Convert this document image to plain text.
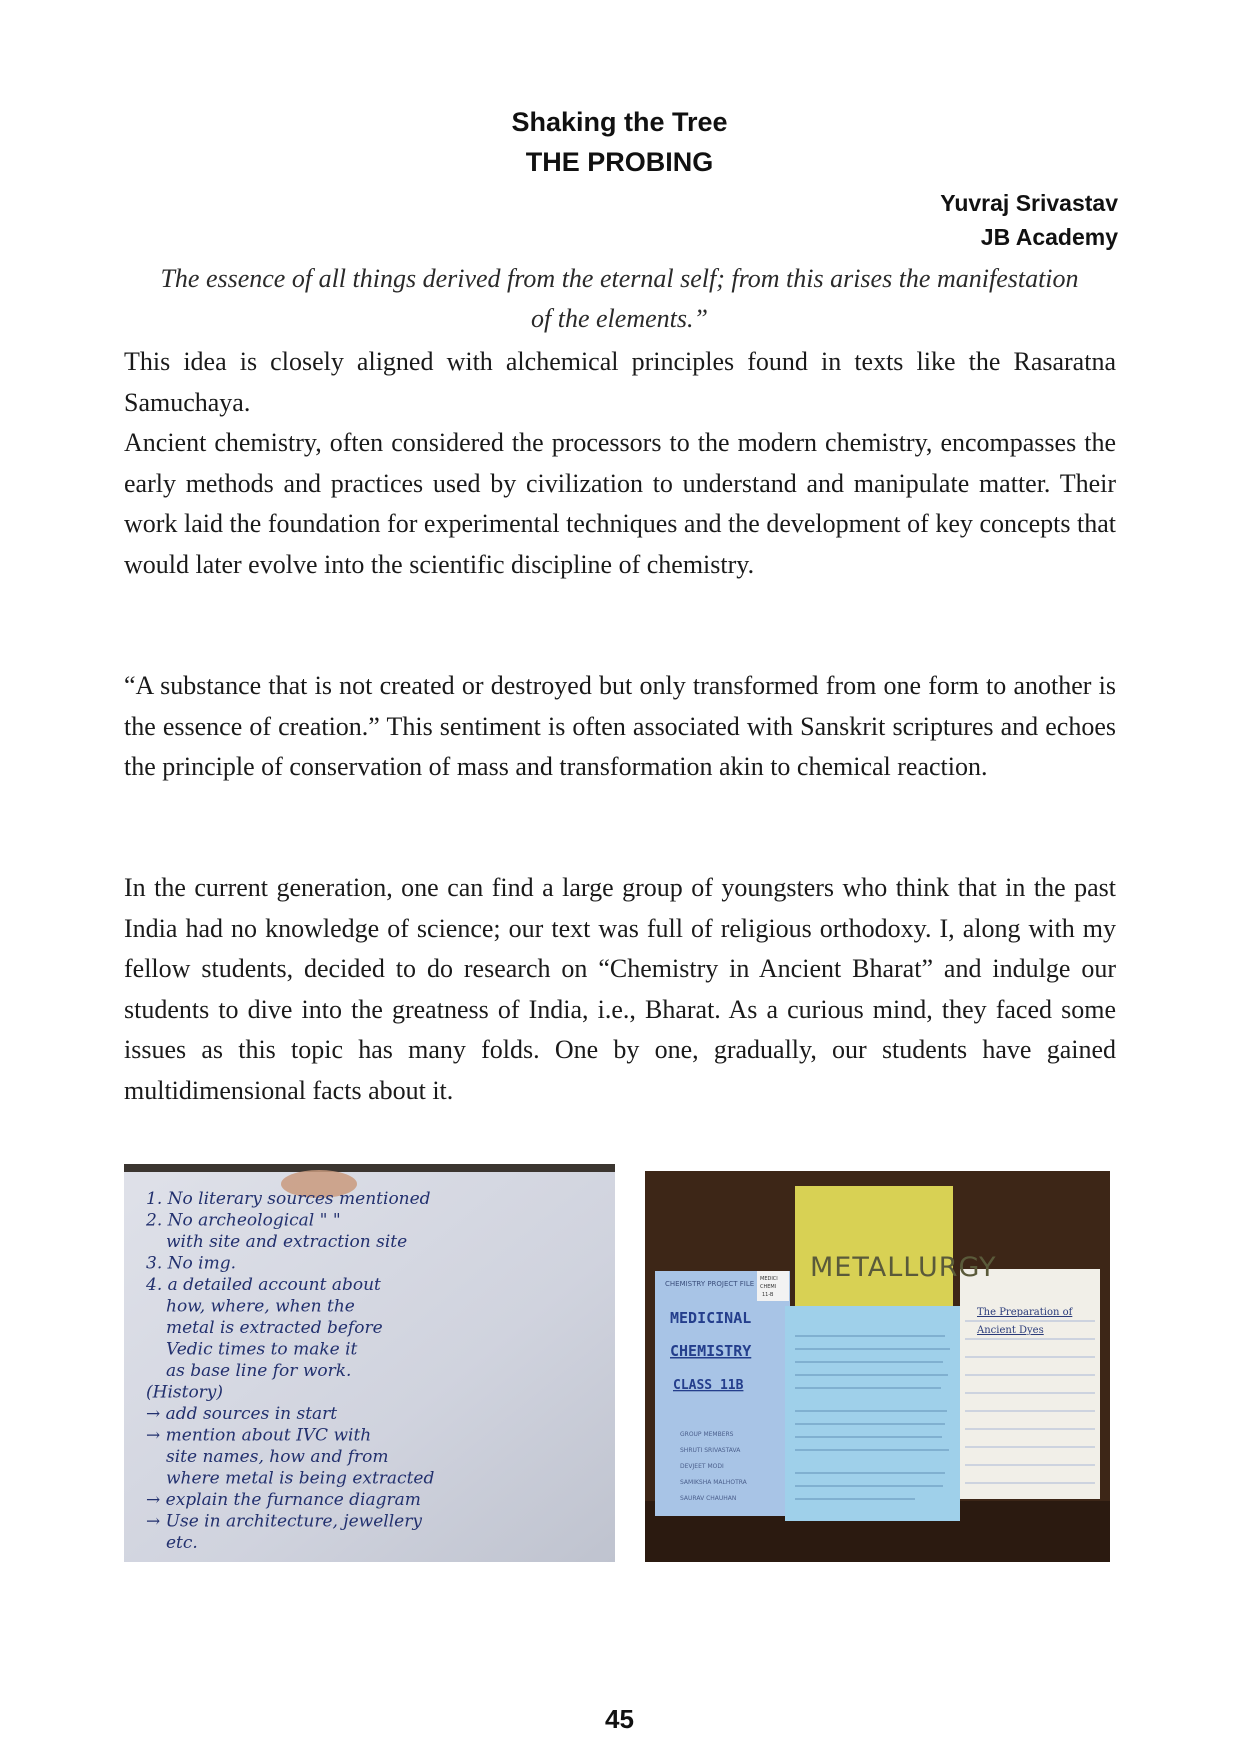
Shaking the Tree
THE PROBING
Yuvraj Srivastav
JB Academy
The essence of all things derived from the eternal self; from this arises the manifestation of the elements.”

This idea is closely aligned with alchemical principles found in texts like the Rasaratna Samuchaya.

Ancient chemistry, often considered the processors to the modern chemistry, encompasses the early methods and practices used by civilization to understand and manipulate matter. Their work laid the foundation for experimental techniques and the development of key concepts that would later evolve into the scientific discipline of chemistry.

“A substance that is not created or destroyed but only transformed from one form to another is the essence of creation.” This sentiment is often associated with Sanskrit scriptures and echoes the principle of conservation of mass and transformation akin to chemical reaction.

In the current generation, one can find a large group of youngsters who think that in the past India had no knowledge of science; our text was full of religious orthodoxy. I, along with my fellow students, decided to do research on “Chemistry in Ancient Bharat” and indulge our students to dive into the greatness of India, i.e., Bharat. As a curious mind, they faced some issues as this topic has many folds. One by one, gradually, our students have gained multidimensional facts about it.

1. No literary sources mentioned
2. No archeological " "
with site and extraction site
3. No img.
4. a detailed account about
how, where, when the
metal is extracted before
Vedic times to make it
as base line for work.
(History)
→ add sources in start
→ mention about IVC with
site names, how and from
where metal is being extracted
→ explain the furnance diagram
→ Use in architecture, jewellery
etc.
The Preparation of
Ancient Dyes
CHEMISTRY PROJECT FILE
MEDICINAL
CHEMISTRY
CLASS 11B
GROUP MEMBERS
SHRUTI SRIVASTAVA
DEVJEET MODI
SAMIKSHA MALHOTRA
SAURAV CHAUHAN
MEDICI
CHEMI
11-B
METALLURGY
45
